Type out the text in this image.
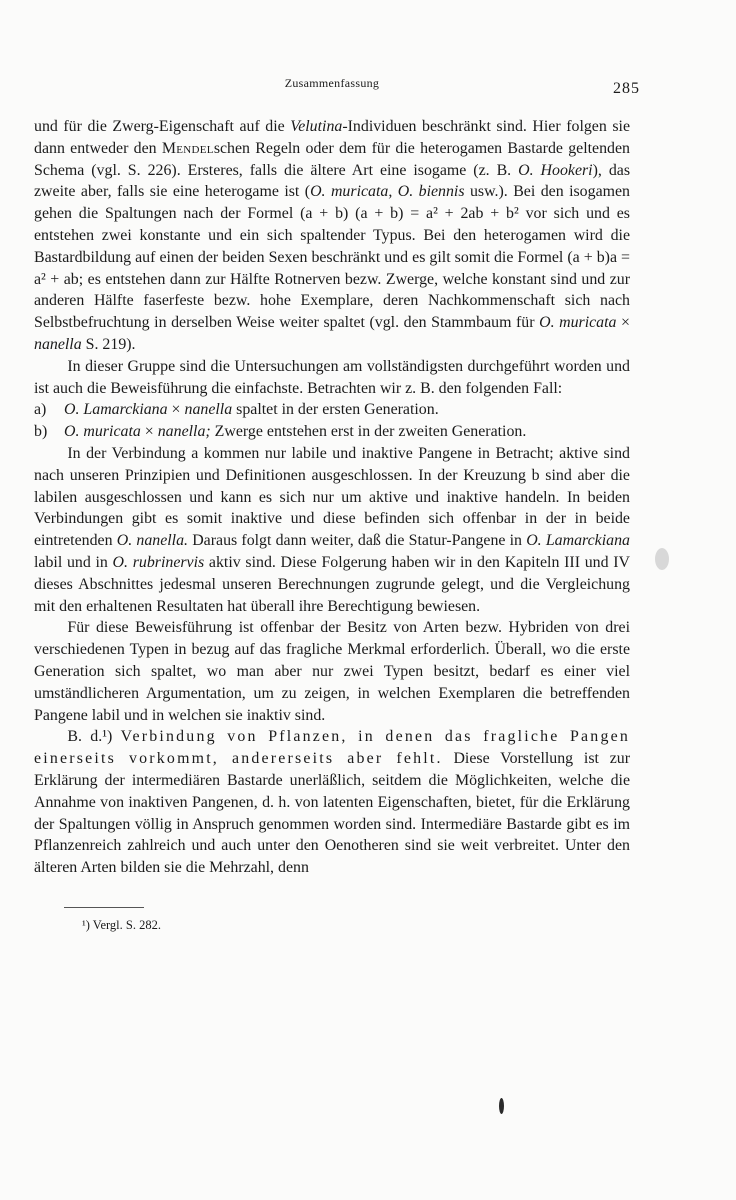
Zusammenfassung	285

und für die Zwerg-Eigenschaft auf die Velutina-Individuen beschränkt sind. Hier folgen sie dann entweder den Mendelschen Regeln oder dem für die heterogamen Bastarde geltenden Schema (vgl. S. 226). Ersteres, falls die ältere Art eine isogame (z. B. O. Hookeri), das zweite aber, falls sie eine heterogame ist (O. muricata, O. biennis usw.). Bei den isogamen gehen die Spaltungen nach der Formel (a + b) (a + b) = a² + 2ab + b² vor sich und es entstehen zwei konstante und ein sich spaltender Typus. Bei den heterogamen wird die Bastardbildung auf einen der beiden Sexen beschränkt und es gilt somit die Formel (a + b)a = a² + ab; es entstehen dann zur Hälfte Rotnerven bezw. Zwerge, welche konstant sind und zur anderen Hälfte faserfeste bezw. hohe Exemplare, deren Nachkommenschaft sich nach Selbstbefruchtung in derselben Weise weiter spaltet (vgl. den Stammbaum für O. muricata × nanella S. 219).

In dieser Gruppe sind die Untersuchungen am vollständigsten durchgeführt worden und ist auch die Beweisführung die einfachste. Betrachten wir z. B. den folgenden Fall:

a)	O. Lamarckiana × nanella spaltet in der ersten Generation.
b)	O. muricata × nanella; Zwerge entstehen erst in der zweiten Generation.

In der Verbindung a kommen nur labile und inaktive Pangene in Betracht; aktive sind nach unseren Prinzipien und Definitionen ausgeschlossen. In der Kreuzung b sind aber die labilen ausgeschlossen und kann es sich nur um aktive und inaktive handeln. In beiden Verbindungen gibt es somit inaktive und diese befinden sich offenbar in der in beide eintretenden O. nanella. Daraus folgt dann weiter, daß die Statur-Pangene in O. Lamarckiana labil und in O. rubrinervis aktiv sind. Diese Folgerung haben wir in den Kapiteln III und IV dieses Abschnittes jedesmal unseren Berechnungen zugrunde gelegt, und die Vergleichung mit den erhaltenen Resultaten hat überall ihre Berechtigung bewiesen.

Für diese Beweisführung ist offenbar der Besitz von Arten bezw. Hybriden von drei verschiedenen Typen in bezug auf das fragliche Merkmal erforderlich. Überall, wo die erste Generation sich spaltet, wo man aber nur zwei Typen besitzt, bedarf es einer viel umständlicheren Argumentation, um zu zeigen, in welchen Exemplaren die betreffenden Pangene labil und in welchen sie inaktiv sind.

B. d.¹) Verbindung von Pflanzen, in denen das fragliche Pangen einerseits vorkommt, andererseits aber fehlt. Diese Vorstellung ist zur Erklärung der intermediären Bastarde unerläßlich, seitdem die Möglichkeiten, welche die Annahme von inaktiven Pangenen, d. h. von latenten Eigenschaften, bietet, für die Erklärung der Spaltungen völlig in Anspruch genommen worden sind. Intermediäre Bastarde gibt es im Pflanzenreich zahlreich und auch unter den Oenotheren sind sie weit verbreitet. Unter den älteren Arten bilden sie die Mehrzahl, denn

¹) Vergl. S. 282.
